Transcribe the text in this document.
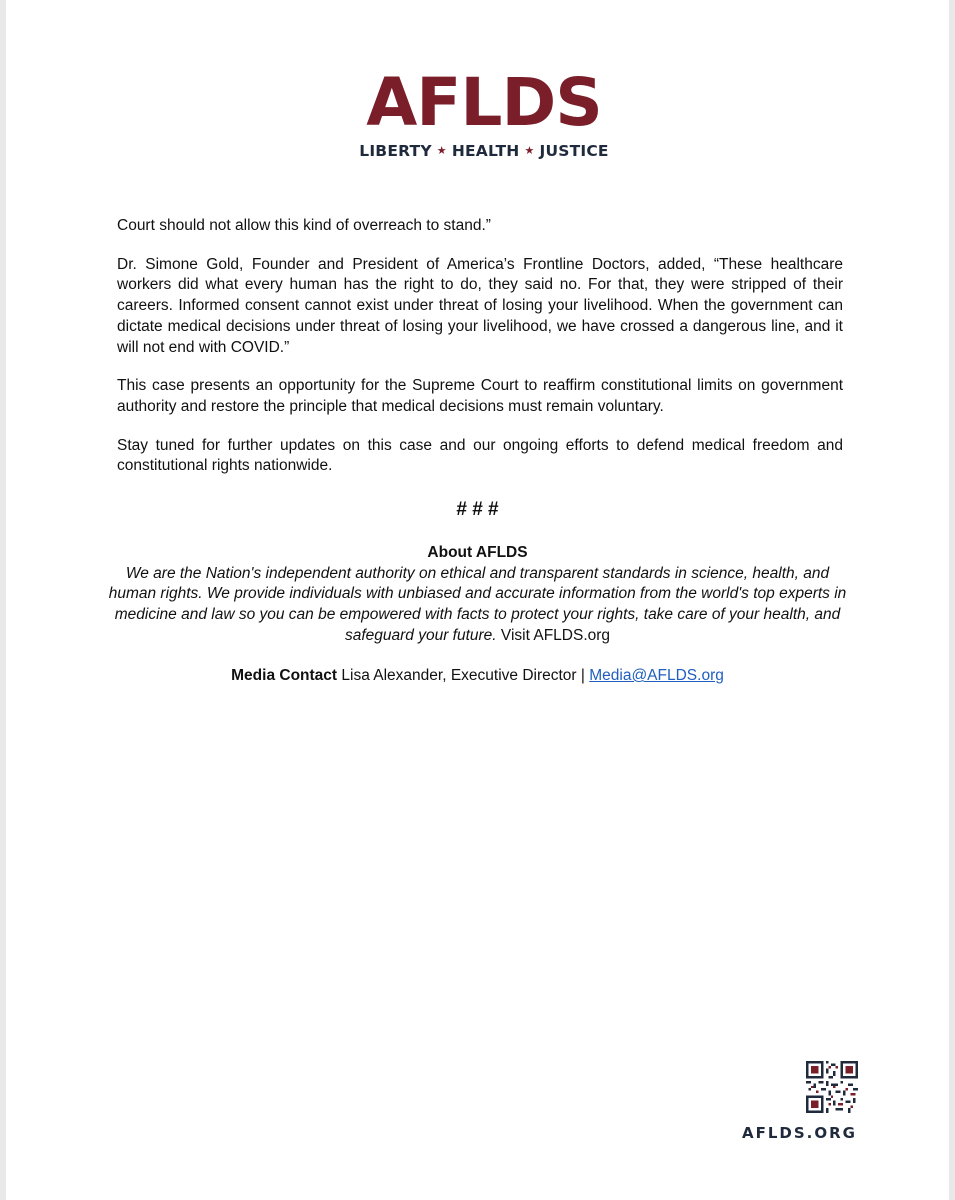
AFLDS
LIBERTY ★ HEALTH ★ JUSTICE

Court should not allow this kind of overreach to stand.”

Dr. Simone Gold, Founder and President of America’s Frontline Doctors, added, “These healthcare workers did what every human has the right to do, they said no. For that, they were stripped of their careers. Informed consent cannot exist under threat of losing your livelihood. When the government can dictate medical decisions under threat of losing your livelihood, we have crossed a dangerous line, and it will not end with COVID.”

This case presents an opportunity for the Supreme Court to reaffirm constitutional limits on government authority and restore the principle that medical decisions must remain voluntary.

Stay tuned for further updates on this case and our ongoing efforts to defend medical freedom and constitutional rights nationwide.

# # #
About AFLDS
We are the Nation's independent authority on ethical and transparent standards in science, health, and human rights. We provide individuals with unbiased and accurate information from the world's top experts in medicine and law so you can be empowered with facts to protect your rights, take care of your health, and safeguard your future. Visit AFLDS.org
Media Contact Lisa Alexander, Executive Director | Media@AFLDS.org
AFLDS.ORG
